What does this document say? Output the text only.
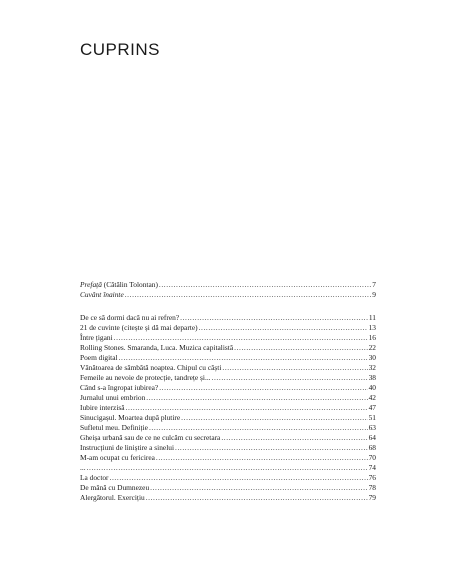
CUPRINS
Prefață (Cătălin Tolontan) .....	7
Cuvânt înainte .....	9
De ce să dormi dacă nu ai refren? .....	11
21 de cuvinte (citește și dă mai departe) .....	13
Între țigani .....	16
Rolling Stones. Smaranda, Luca. Muzica capitalistă .....	22
Poem digital .....	30
Vânătoarea de sâmbătă noaptea. Chipul cu căști .....	32
Femeile au nevoie de protecție, tandrețe și... .....	38
Când s-a îngropat iubirea? .....	40
Jurnalul unui embrion .....	42
Iubire interzisă .....	47
Sinucigașul. Moartea după plutire .....	51
Sufletul meu. Definiție .....	63
Gheișa urbană sau de ce ne culcăm cu secretara .....	64
Instrucțiuni de liniștire a sinelui .....	68
M-am ocupat cu fericirea .....	70
... .....	74
La doctor .....	76
De mână cu Dumnezeu .....	78
Alergătorul. Exercițiu .....	79
